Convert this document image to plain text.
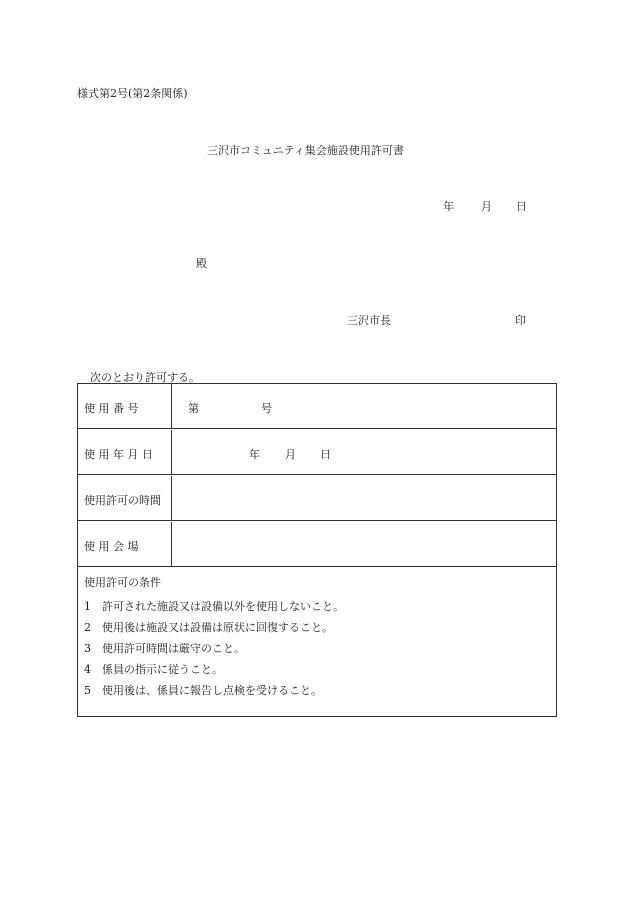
様式第2号(第2条関係)
三沢市コミュニティ集会施設使用許可書
年 月 日
殿
三沢市長	印
次のとおり許可する。
使 用 番 号	第	号
使 用 年 月 日	年 月 日
使用許可の時間
使 用 会 場
使用許可の条件
1 許可された施設又は設備以外を使用しないこと。
2 使用後は施設又は設備は原状に回復すること。
3 使用許可時間は厳守のこと。
4 係員の指示に従うこと。
5 使用後は、係員に報告し点検を受けること。
